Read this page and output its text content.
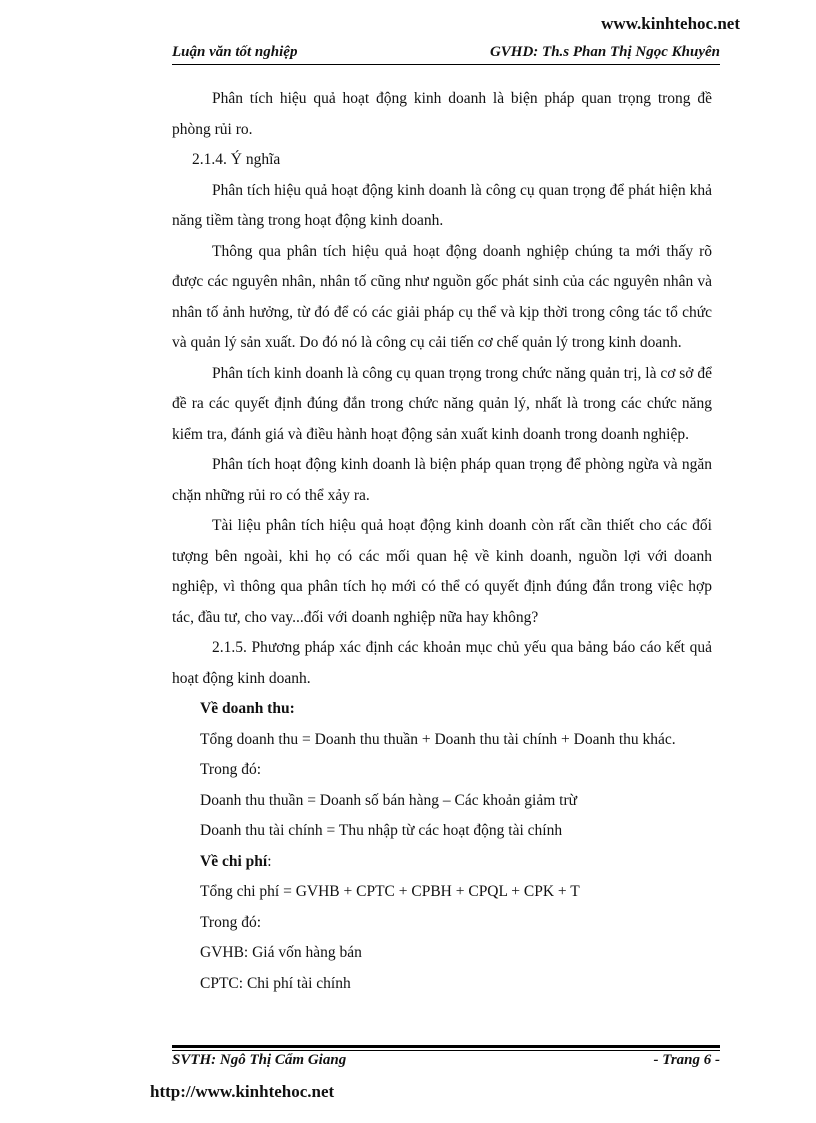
www.kinhtehoc.net
Luận văn tốt nghiệp	GVHD: Th.s Phan Thị Ngọc Khuyên

Phân tích hiệu quả hoạt động kinh doanh là biện pháp quan trọng trong đề phòng rủi ro.

2.1.4. Ý nghĩa

Phân tích hiệu quả hoạt động kinh doanh là công cụ quan trọng để phát hiện khả năng tiềm tàng trong hoạt động kinh doanh.

Thông qua phân tích hiệu quả hoạt động doanh nghiệp chúng ta mới thấy rõ được các nguyên nhân, nhân tố cũng như nguồn gốc phát sinh của các nguyên nhân và nhân tố ảnh hưởng, từ đó để có các giải pháp cụ thể và kịp thời trong công tác tổ chức và quản lý sản xuất. Do đó nó là công cụ cải tiến cơ chế quản lý trong kinh doanh.

Phân tích kinh doanh là công cụ quan trọng trong chức năng quản trị, là cơ sở để đề ra các quyết định đúng đắn trong chức năng quản lý, nhất là trong các chức năng kiểm tra, đánh giá và điều hành hoạt động sản xuất kinh doanh trong doanh nghiệp.

Phân tích hoạt động kinh doanh là biện pháp quan trọng để phòng ngừa và ngăn chặn những rủi ro có thể xảy ra.

Tài liệu phân tích hiệu quả hoạt động kinh doanh còn rất cần thiết cho các đối tượng bên ngoài, khi họ có các mối quan hệ về kinh doanh, nguồn lợi với doanh nghiệp, vì thông qua phân tích họ mới có thể có quyết định đúng đắn trong việc hợp tác, đầu tư, cho vay...đối với doanh nghiệp nữa hay không?

2.1.5. Phương pháp xác định các khoản mục chủ yếu qua bảng báo cáo kết quả hoạt động kinh doanh.

Về doanh thu:

Tổng doanh thu = Doanh thu thuần + Doanh thu tài chính + Doanh thu khác.

Trong đó:

Doanh thu thuần = Doanh số bán hàng – Các khoản giảm trừ

Doanh thu tài chính = Thu nhập từ các hoạt động tài chính

Về chi phí:

Tổng chi phí = GVHB + CPTC + CPBH + CPQL + CPK + T

Trong đó:

GVHB: Giá vốn hàng bán

CPTC: Chi phí tài chính

SVTH: Ngô Thị Cẩm Giang	- Trang 6 -
http://www.kinhtehoc.net
